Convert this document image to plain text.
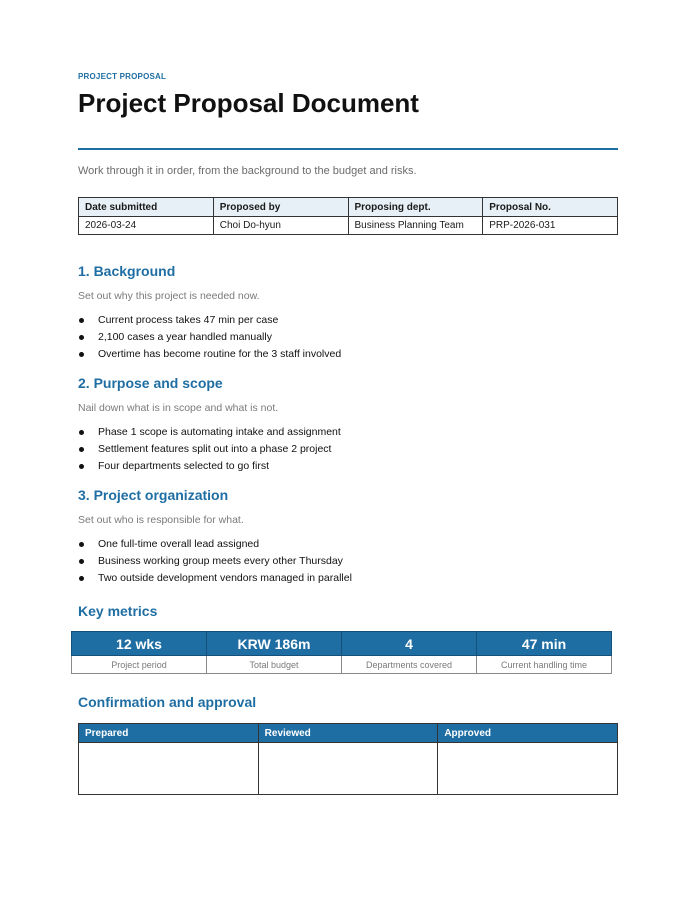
PROJECT PROPOSAL
Project Proposal Document
Work through it in order, from the background to the budget and risks.
Date submitted	Proposed by	Proposing dept.	Proposal No.
2026-03-24	Choi Do-hyun	Business Planning Team	PRP-2026-031
1. Background
Set out why this project is needed now.
Current process takes 47 min per case
2,100 cases a year handled manually
Overtime has become routine for the 3 staff involved
2. Purpose and scope
Nail down what is in scope and what is not.
Phase 1 scope is automating intake and assignment
Settlement features split out into a phase 2 project
Four departments selected to go first
3. Project organization
Set out who is responsible for what.
One full-time overall lead assigned
Business working group meets every other Thursday
Two outside development vendors managed in parallel
Key metrics
12 wks	KRW 186m	4	47 min
Project period	Total budget	Departments covered	Current handling time
Confirmation and approval
Prepared	Reviewed	Approved
